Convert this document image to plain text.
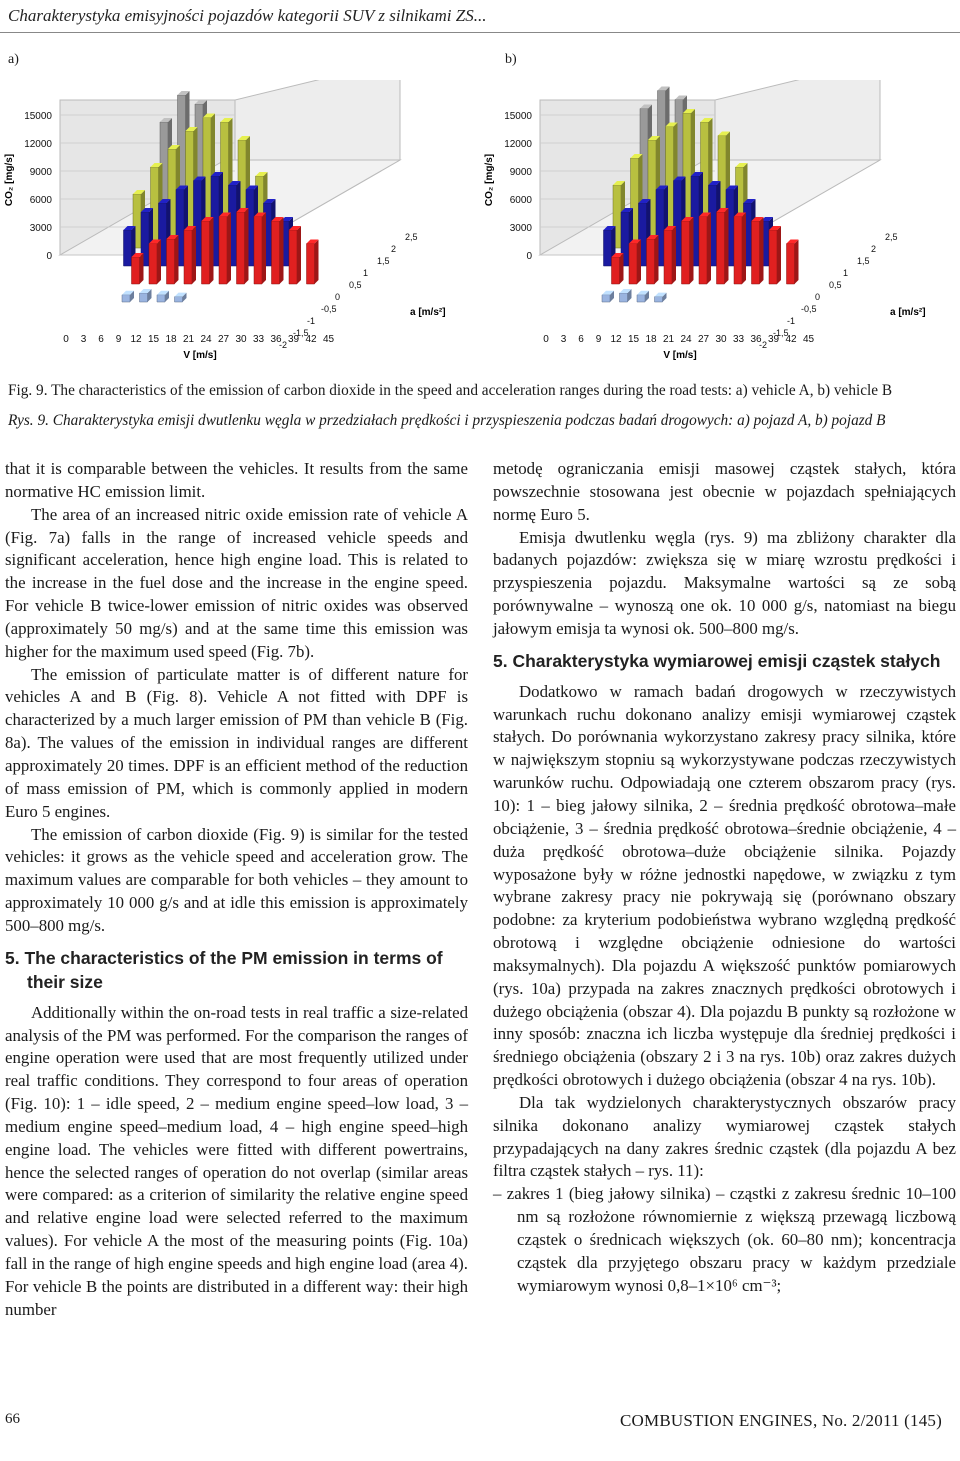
Charakterystyka emisyjności pojazdów kategorii SUV z silnikami ZS...
a)	b)
0
3000
6000
9000
12000
15000
CO₂ [mg/s]
0 3 6 9 12 15 18 21 24 27 30 33 36 39 42 45
V [m/s]
2,5
2
1,5
1
0,5
0
-0,5
-1
-1,5
-2
a [m/s²]
0
3000
6000
9000
12000
15000
CO₂ [mg/s]
0 3 6 9 12 15 18 21 24 27 30 33 36 39 42 45
V [m/s]
2,5
2
1,5
1
0,5
0
-0,5
-1
-1,5
-2
a [m/s²]
Fig. 9. The characteristics of the emission of carbon dioxide in the speed and acceleration ranges during the road tests: a) vehicle A, b) vehicle B
Rys. 9. Charakterystyka emisji dwutlenku węgla w przedziałach prędkości i przyspieszenia podczas badań drogowych: a) pojazd A, b) pojazd B

that it is comparable between the vehicles. It results from the same normative HC emission limit.

The area of an increased nitric oxide emission rate of vehicle A (Fig. 7a) falls in the range of increased vehicle speeds and significant acceleration, hence high engine load. This is related to the increase in the fuel dose and the increase in the engine speed. For vehicle B twice-lower emission of nitric oxides was observed (approximately 50 mg/s) and at the same time this emission was higher for the maximum used speed (Fig. 7b).

The emission of particulate matter is of different nature for vehicles A and B (Fig. 8). Vehicle A not fitted with DPF is characterized by a much larger emission of PM than vehicle B (Fig. 8a). The values of the emission in individual ranges are different approximately 20 times. DPF is an efficient method of the reduction of mass emission of PM, which is commonly applied in modern Euro 5 engines.

The emission of carbon dioxide (Fig. 9) is similar for the tested vehicles: it grows as the vehicle speed and acceleration grow. The maximum values are comparable for both vehicles – they amount to approximately 10 000 g/s and at idle this emission is approximately 500–800 mg/s.

5. The characteristics of the PM emission in terms of their size

Additionally within the on-road tests in real traffic a size-related analysis of the PM was performed. For the comparison the ranges of engine operation were used that are most frequently utilized under real traffic conditions. They correspond to four areas of operation (Fig. 10): 1 – idle speed, 2 – medium engine speed–low load, 3 – medium engine speed–medium load, 4 – high engine speed–high engine load. The vehicles were fitted with different powertrains, hence the selected ranges of operation do not overlap (similar areas were compared: as a criterion of similarity the relative engine speed and relative engine load were selected referred to the maximum values). For vehicle A the most of the measuring points (Fig. 10a) fall in the range of high engine speeds and high engine load (area 4). For vehicle B the points are distributed in a different way: their high number

metodę ograniczania emisji masowej cząstek stałych, która powszechnie stosowana jest obecnie w pojazdach spełniających normę Euro 5.

Emisja dwutlenku węgla (rys. 9) ma zbliżony charakter dla badanych pojazdów: zwiększa się w miarę wzrostu prędkości i przyspieszenia pojazdu. Maksymalne wartości są ze sobą porównywalne – wynoszą one ok. 10 000 g/s, natomiast na biegu jałowym emisja ta wynosi ok. 500–800 mg/s.

5. Charakterystyka wymiarowej emisji cząstek stałych

Dodatkowo w ramach badań drogowych w rzeczywistych warunkach ruchu dokonano analizy emisji wymiarowej cząstek stałych. Do porównania wykorzystano zakresy pracy silnika, które w największym stopniu są wykorzystywane podczas rzeczywistych warunków ruchu. Odpowiadają one czterem obszarom pracy (rys. 10): 1 – bieg jałowy silnika, 2 – średnia prędkość obrotowa–małe obciążenie, 3 – średnia prędkość obrotowa–średnie obciążenie, 4 – duża prędkość obrotowa–duże obciążenie silnika. Pojazdy wyposażone były w różne jednostki napędowe, w związku z tym wybrane zakresy pracy nie pokrywają się (porównano obszary podobne: za kryterium podobieństwa wybrano względną prędkość obrotową i względne obciążenie odniesione do wartości maksymalnych). Dla pojazdu A większość punktów pomiarowych (rys. 10a) przypada na zakres znacznych prędkości obrotowych i dużego obciążenia (obszar 4). Dla pojazdu B punkty są rozłożone w inny sposób: znaczna ich liczba występuje dla średniej prędkości i średniego obciążenia (obszary 2 i 3 na rys. 10b) oraz zakres dużych prędkości obrotowych i dużego obciążenia (obszar 4 na rys. 10b).

Dla tak wydzielonych charakterystycznych obszarów pracy silnika dokonano analizy wymiarowej cząstek stałych przypadających na dany zakres średnic cząstek (dla pojazdu A bez filtra cząstek stałych – rys. 11):

– zakres 1 (bieg jałowy silnika) – cząstki z zakresu średnic 10–100 nm są rozłożone równomiernie z większą przewagą liczbową cząstek o średnicach większych (ok. 60–80 nm); koncentracja cząstek dla przyjętego obszaru pracy w każdym przedziale wymiarowym wynosi 0,8–1×10⁶ cm⁻³;
66	COMBUSTION ENGINES, No. 2/2011 (145)
